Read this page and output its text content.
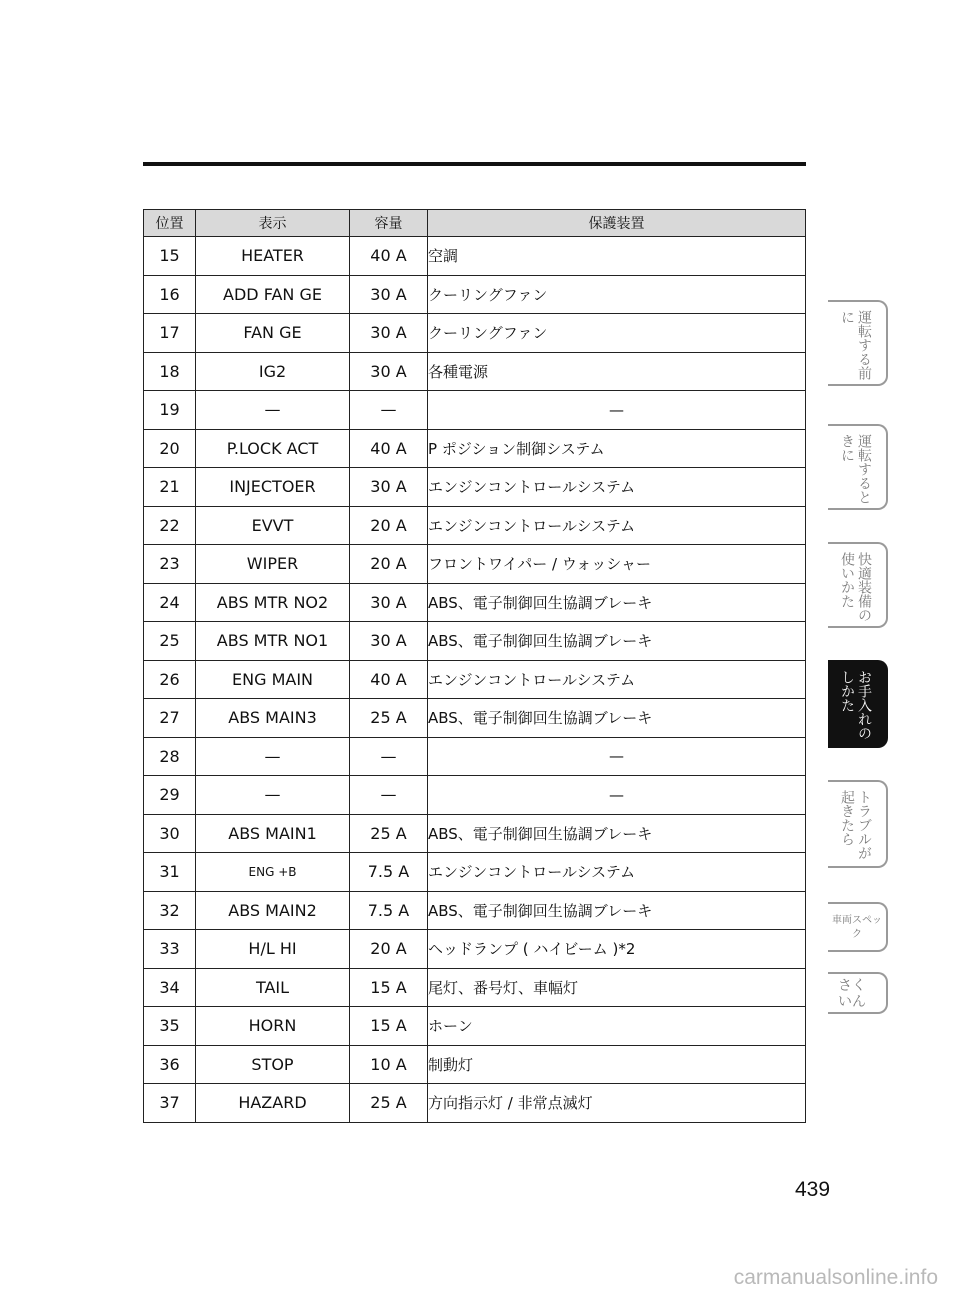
位置	表示	容量	保護装置
15	HEATER	40 A	空調
16	ADD FAN GE	30 A	クーリングファン
17	FAN GE	30 A	クーリングファン
18	IG2	30 A	各種電源
19	—	—	—
20	P.LOCK ACT	40 A	P ポジション制御システム
21	INJECTOER	30 A	エンジンコントロールシステム
22	EVVT	20 A	エンジンコントロールシステム
23	WIPER	20 A	フロントワイパー / ウォッシャー
24	ABS MTR NO2	30 A	ABS、電子制御回生協調ブレーキ
25	ABS MTR NO1	30 A	ABS、電子制御回生協調ブレーキ
26	ENG MAIN	40 A	エンジンコントロールシステム
27	ABS MAIN3	25 A	ABS、電子制御回生協調ブレーキ
28	—	—	—
29	—	—	—
30	ABS MAIN1	25 A	ABS、電子制御回生協調ブレーキ
31	ENG +B	7.5 A	エンジンコントロールシステム
32	ABS MAIN2	7.5 A	ABS、電子制御回生協調ブレーキ
33	H/L HI	20 A	ヘッドランプ ( ハイビーム )*2
34	TAIL	15 A	尾灯、番号灯、車幅灯
35	HORN	15 A	ホーン
36	STOP	10 A	制動灯
37	HAZARD	25 A	方向指示灯 / 非常点滅灯
運転する前に
運転するときに
快適装備の使いかた
お手入れのしかた
トラブルが起きたら
車両スペック
さくいん
439
carmanualsonline.info
